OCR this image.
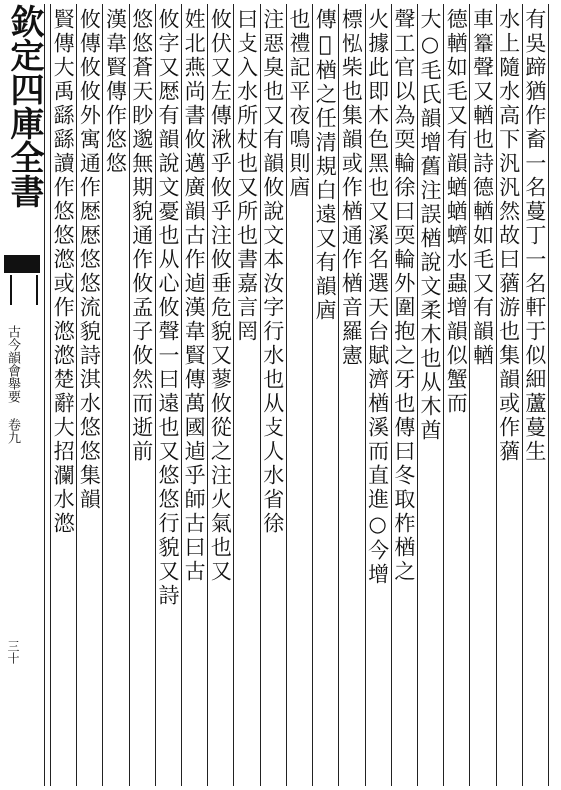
欽定四庫全書
古今韻會舉要 卷九
三十
有吳蹄猶作畜一名蔓丁一名軒于似細蘆蔓生
水上隨水高下汎汎然故曰蕕游也集韻或作蕕
車𨏉聲又輶也詩德輶如毛又有韻輶
德輶如毛又有韻蝤蝤蠐水蟲增韻似蟹而
大○毛氏韻增舊注誤楢說文柔木也从木酋
聲工官以為耎輪徐曰耎輪外圍抱之牙也傳曰冬取柞楢之
火據此即木色黑也又溪名選天台賦濟楢溪而直進○今增
標𢘌柴也集韻或作楢通作楢音羅憲
傳𦂰楢之任清規白遠又有韻庮
也禮記平夜鳴則庮
注惡臭也又有韻攸說文本汝字行水也从攴人水省徐
曰攴入水所杖也又所也書嘉言罔
攸伏又左傳湫乎攸乎注攸垂危貌又蓼攸從之注火氣也又
姓北燕尚書攸邁廣韻古作逌漢韋賢傳萬國逌乎師古曰古
攸字又𢟍有韻說文憂也从心攸聲一曰遠也又悠悠行貌又詩
悠悠蒼天眇邈無期貌通作攸孟子攸然而逝前
漢韋賢傳作悠悠
攸傳攸攸外寓通作𢟍𢟍悠悠流貌詩淇水悠悠集韻
賢傳大禹繇繇讀作悠悠滺或作滺滺楚辭大招瀾水滺
